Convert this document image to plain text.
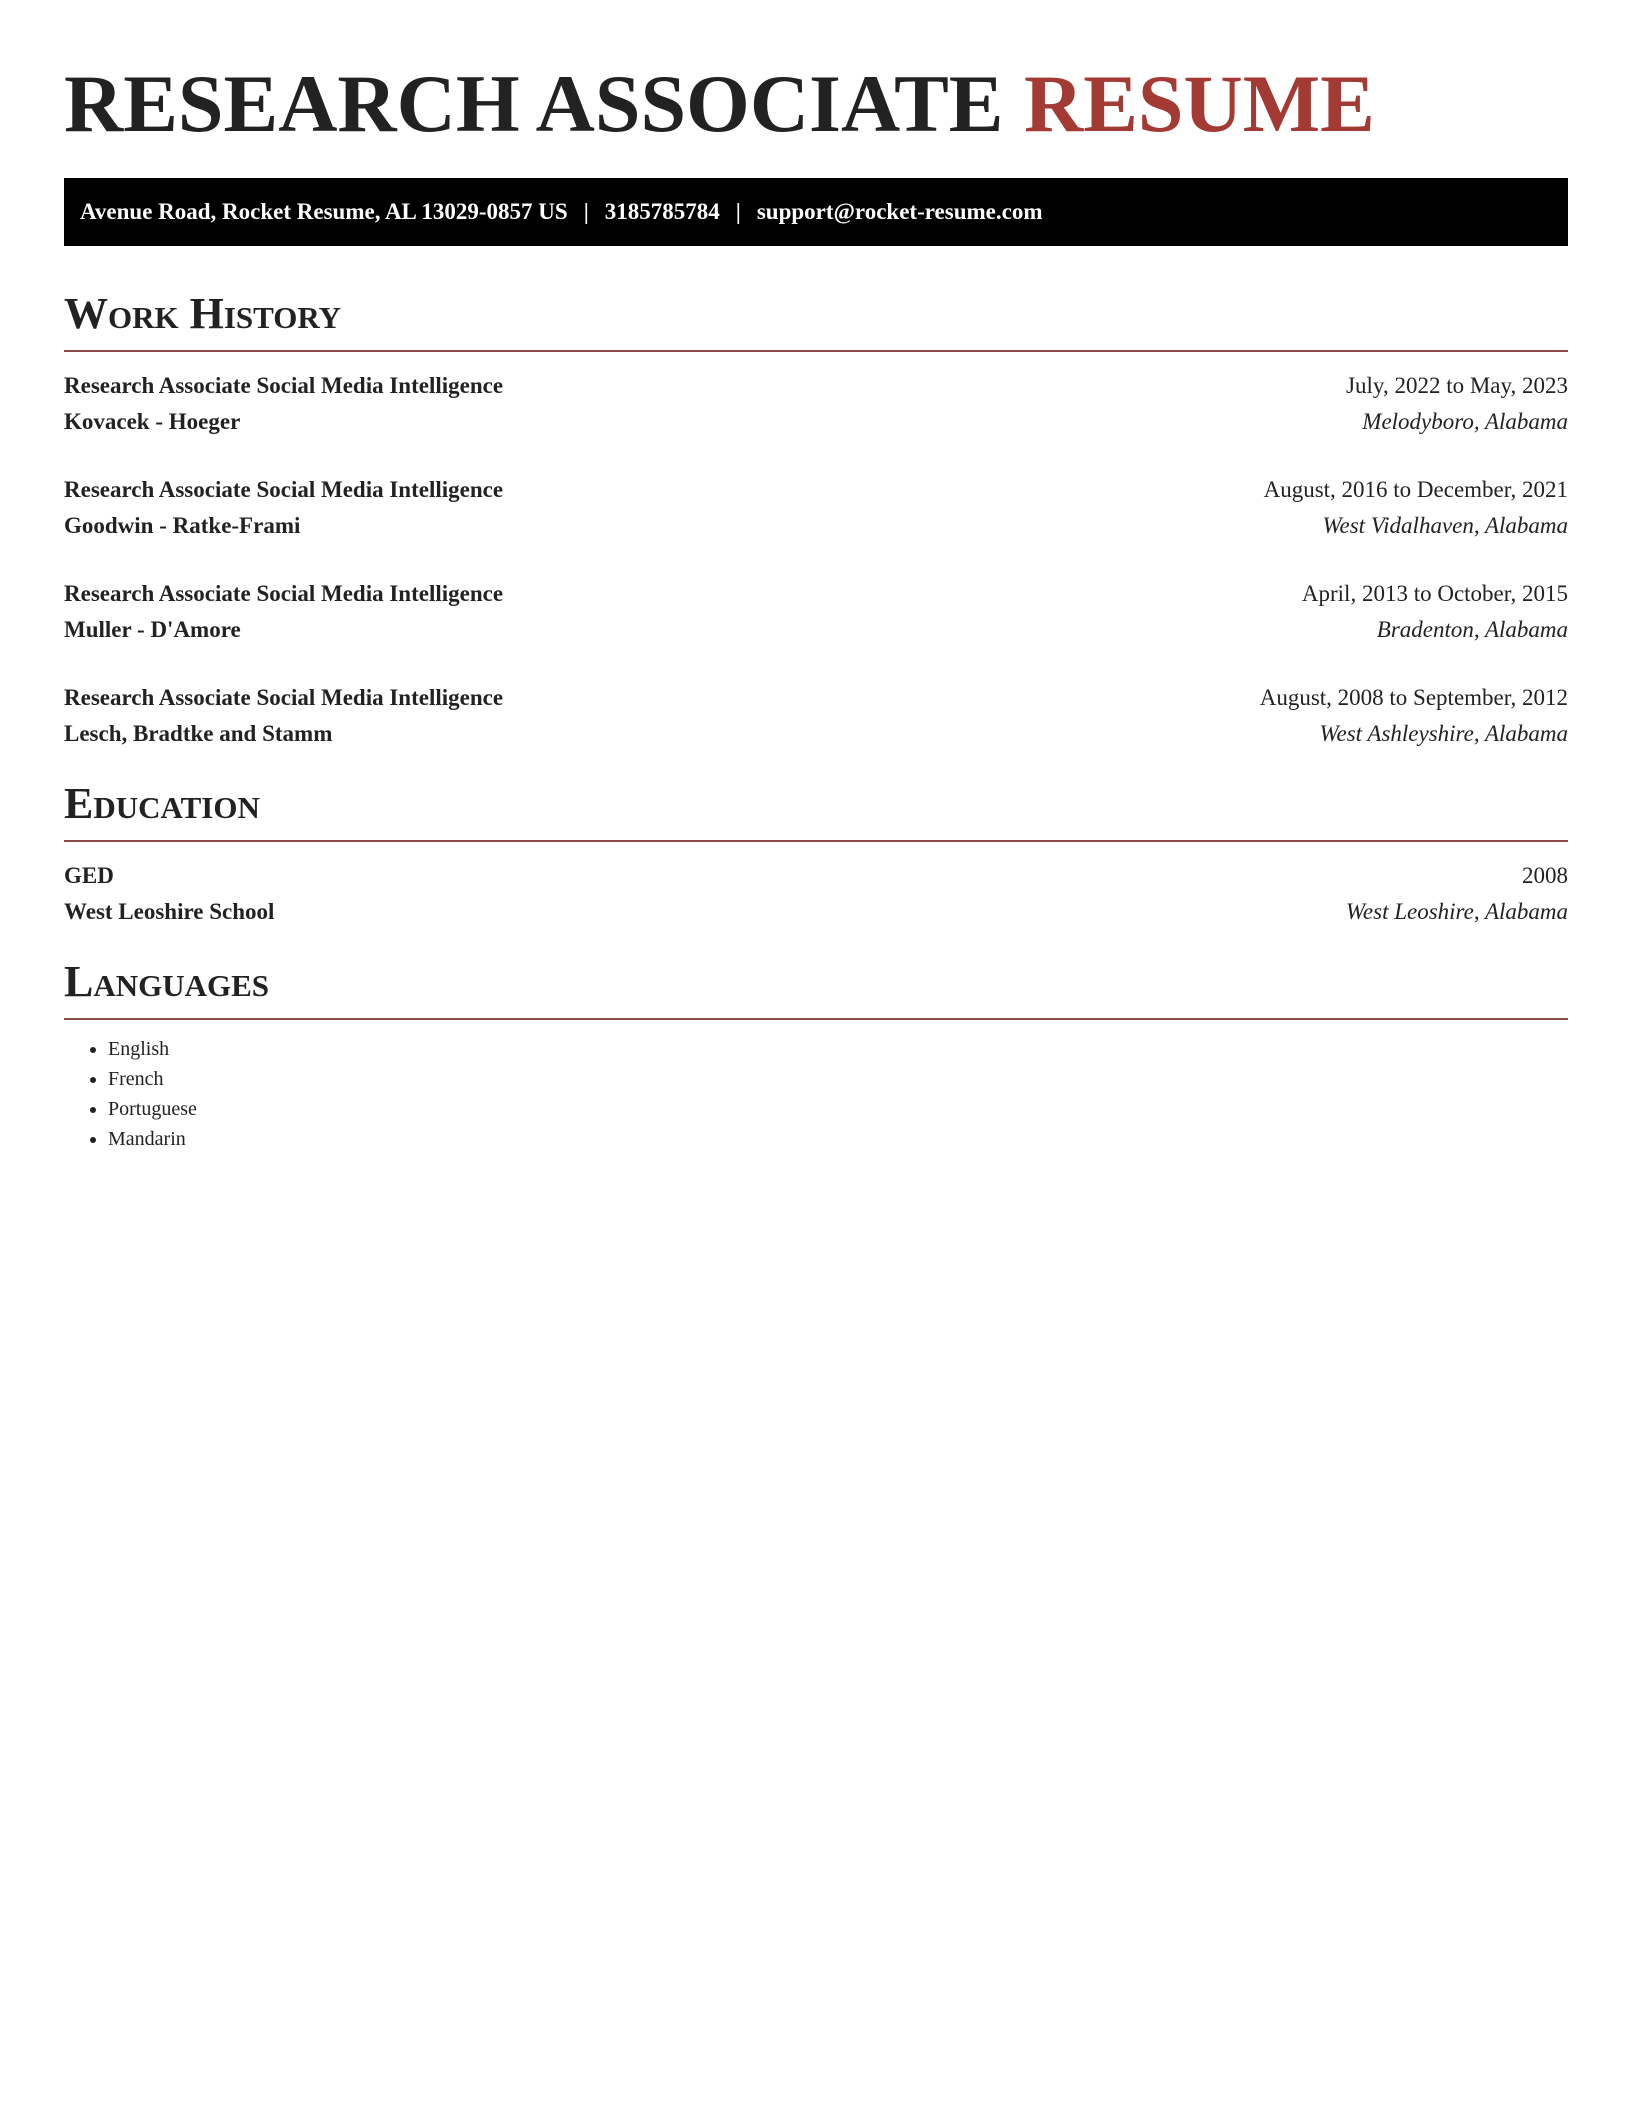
RESEARCH ASSOCIATE RESUME
Avenue Road, Rocket Resume, AL 13029-0857 US | 3185785784 | support@rocket-resume.com
Work History
Research Associate Social Media Intelligence	July, 2022 to May, 2023
Kovacek - Hoeger	Melodyboro, Alabama
Research Associate Social Media Intelligence	August, 2016 to December, 2021
Goodwin - Ratke-Frami	West Vidalhaven, Alabama
Research Associate Social Media Intelligence	April, 2013 to October, 2015
Muller - D'Amore	Bradenton, Alabama
Research Associate Social Media Intelligence	August, 2008 to September, 2012
Lesch, Bradtke and Stamm	West Ashleyshire, Alabama
Education
GED	2008
West Leoshire School	West Leoshire, Alabama
Languages
• English
• French
• Portuguese
• Mandarin
